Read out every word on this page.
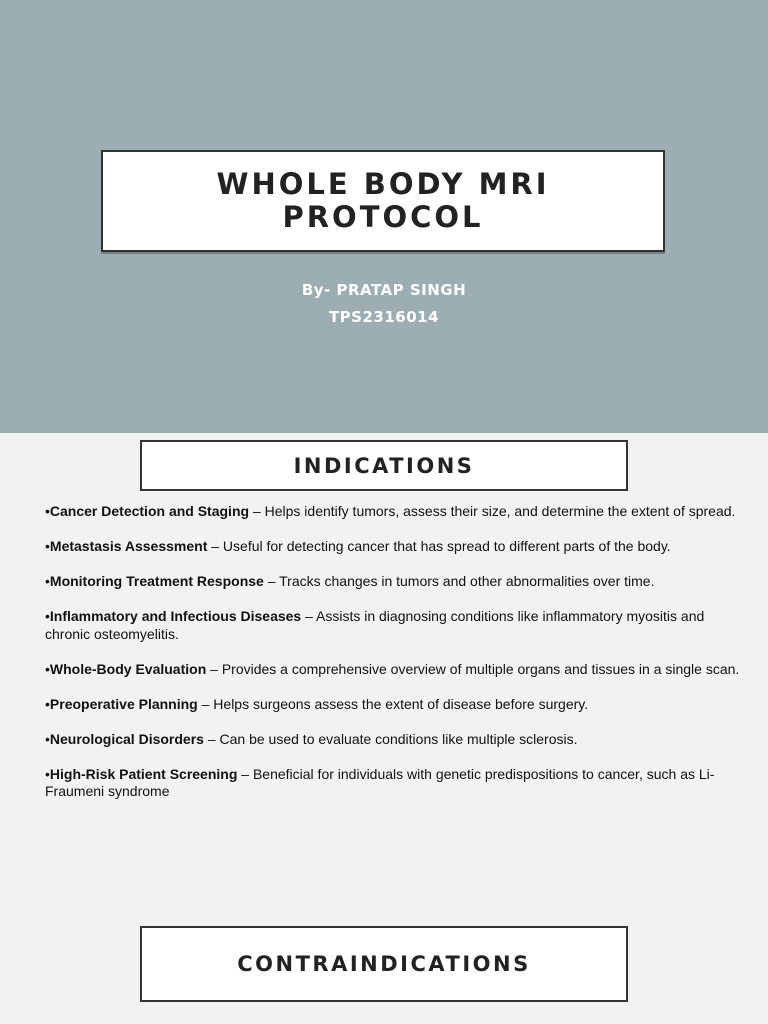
WHOLE BODY MRI
PROTOCOL
By- PRATAP SINGH
TPS2316014
INDICATIONS
•Cancer Detection and Staging – Helps identify tumors, assess their size, and determine the extent of spread.
•Metastasis Assessment – Useful for detecting cancer that has spread to different parts of the body.
•Monitoring Treatment Response – Tracks changes in tumors and other abnormalities over time.
•Inflammatory and Infectious Diseases – Assists in diagnosing conditions like inflammatory myositis and chronic osteomyelitis.
•Whole-Body Evaluation – Provides a comprehensive overview of multiple organs and tissues in a single scan.
•Preoperative Planning – Helps surgeons assess the extent of disease before surgery.
•Neurological Disorders – Can be used to evaluate conditions like multiple sclerosis.
•High-Risk Patient Screening – Beneficial for individuals with genetic predispositions to cancer, such as Li-Fraumeni syndrome
CONTRAINDICATIONS
